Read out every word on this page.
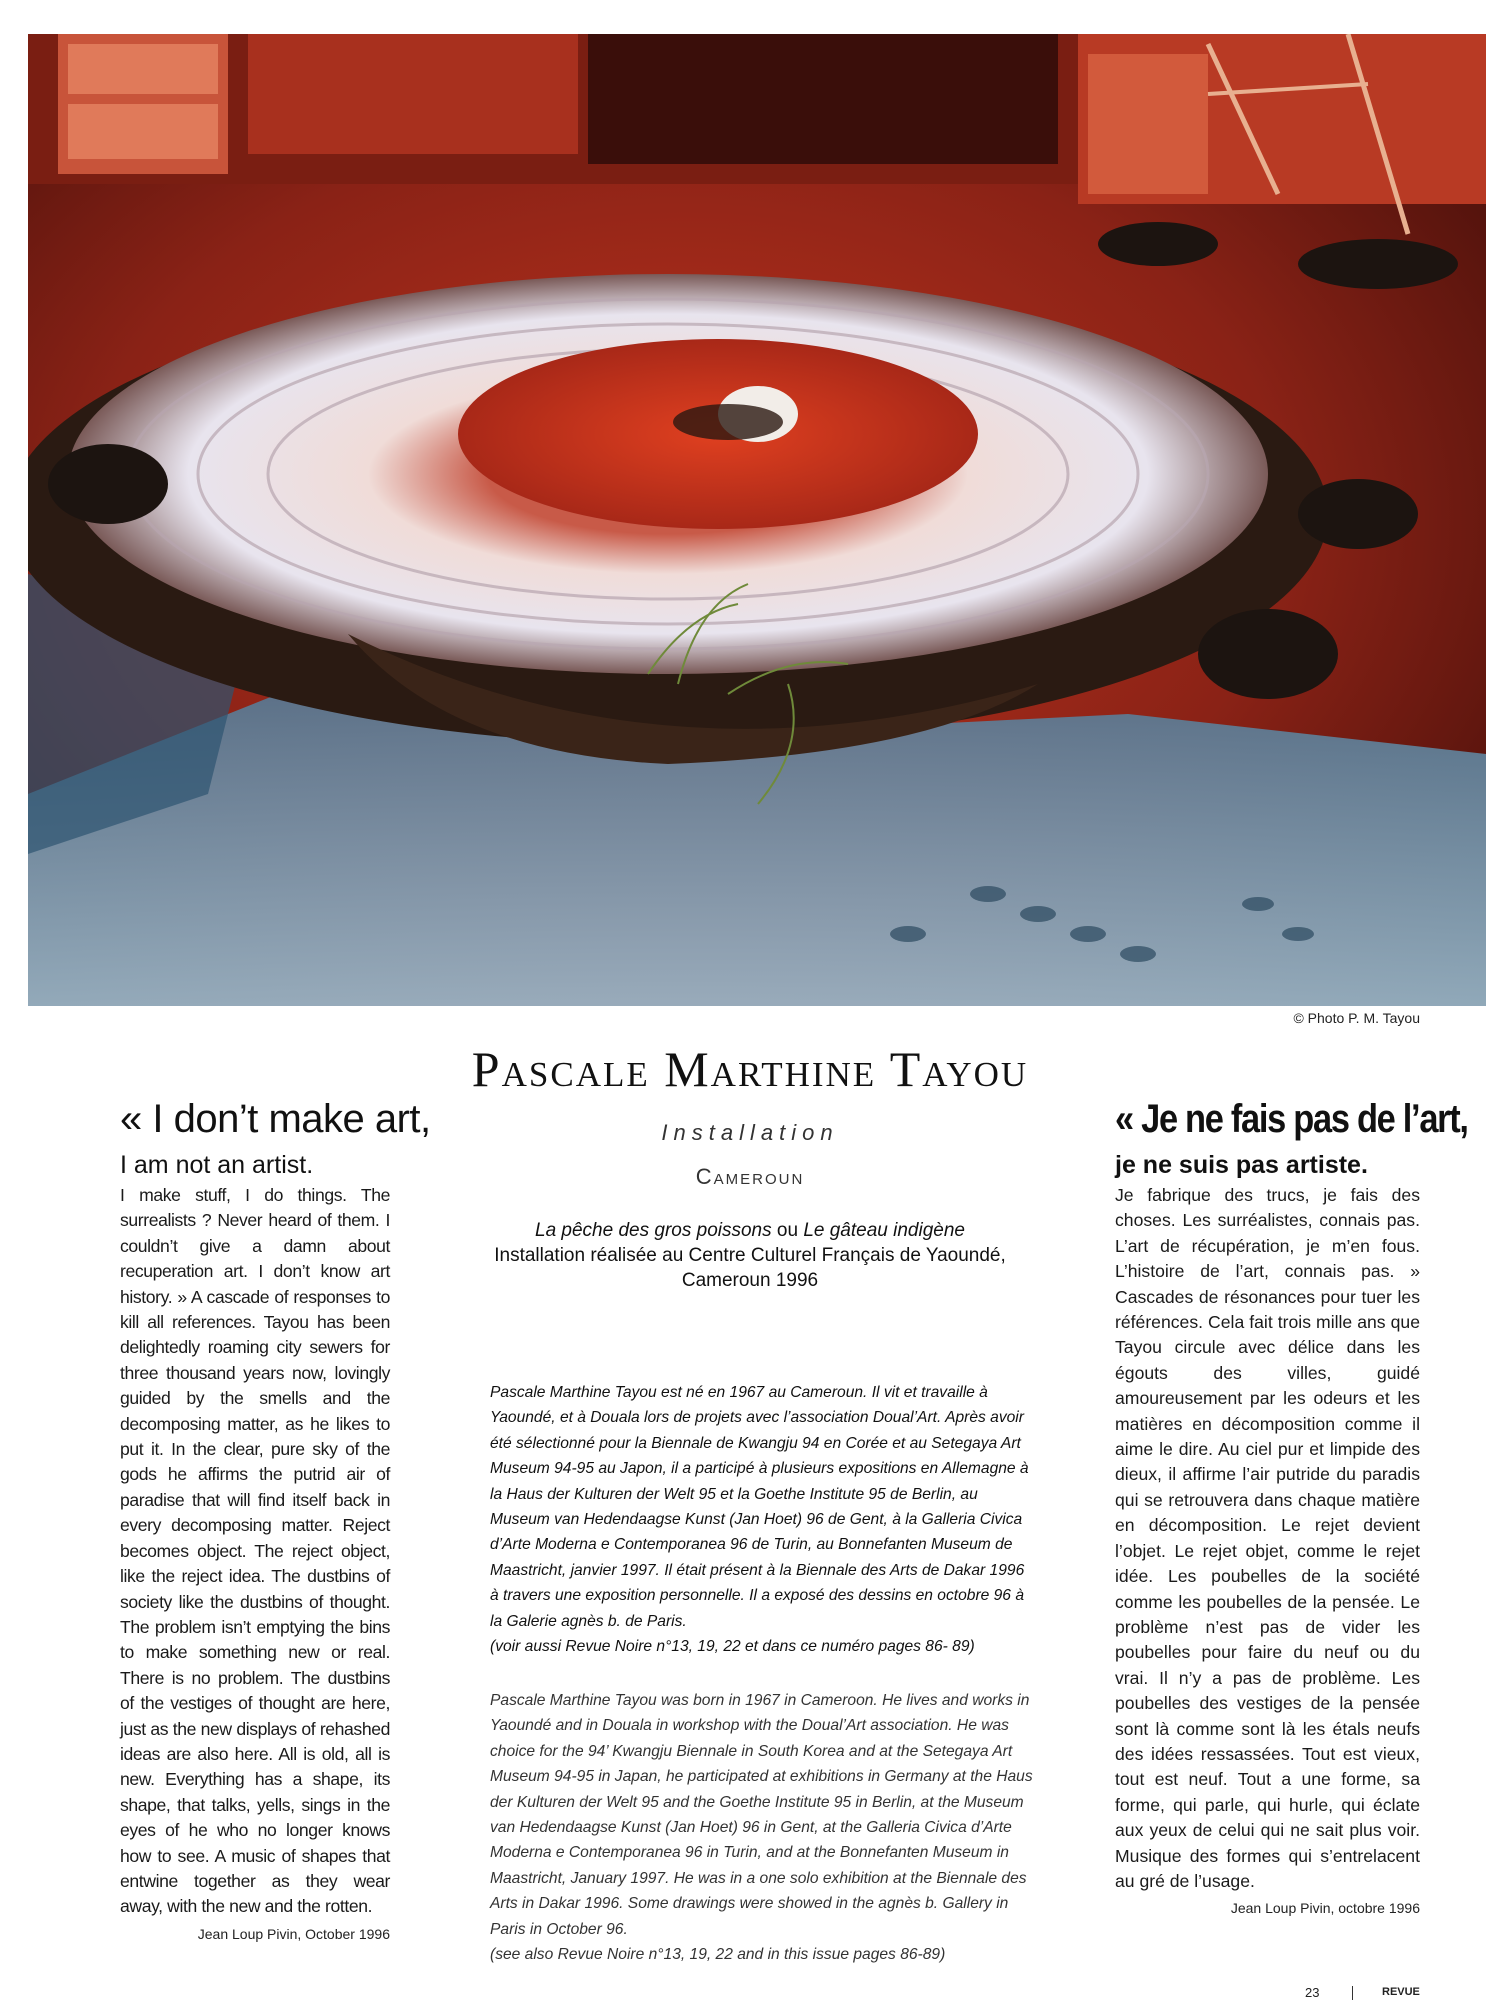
© Photo P. M. Tayou
Pascale Marthine Tayou
« I don’t make art,
I am not an artist.

I make stuff, I do things. The surrealists ? Never heard of them. I couldn’t give a damn about recuperation art. I don’t know art history. » A cascade of responses to kill all references. Tayou has been delightedly roaming city sewers for three thousand years now, lovingly guided by the smells and the decomposing matter, as he likes to put it. In the clear, pure sky of the gods he affirms the putrid air of paradise that will find itself back in every decomposing matter. Reject becomes object. The reject object, like the reject idea. The dustbins of society like the dustbins of thought. The problem isn’t emptying the bins to make something new or real. There is no problem. The dustbins of the vestiges of thought are here, just as the new displays of rehashed ideas are also here. All is old, all is new. Everything has a shape, its shape, that talks, yells, sings in the eyes of he who no longer knows how to see. A music of shapes that entwine together as they wear away, with the new and the rotten.

Jean Loup Pivin, October 1996
Installation
Cameroun
La pêche des gros poissons ou Le gâteau indigène
Installation réalisée au Centre Culturel Français de Yaoundé, Cameroun 1996

Pascale Marthine Tayou est né en 1967 au Cameroun. Il vit et travaille à Yaoundé, et à Douala lors de projets avec l’association Doual’Art. Après avoir été sélectionné pour la Biennale de Kwangju 94 en Corée et au Setegaya Art Museum 94-95 au Japon, il a participé à plusieurs expositions en Allemagne à la Haus der Kulturen der Welt 95 et la Goethe Institute 95 de Berlin, au Museum van Hedendaagse Kunst (Jan Hoet) 96 de Gent, à la Galleria Civica d’Arte Moderna e Contemporanea 96 de Turin, au Bonnefanten Museum de Maastricht, janvier 1997. Il était présent à la Biennale des Arts de Dakar 1996 à travers une exposition personnelle. Il a exposé des dessins en octobre 96 à la Galerie agnès b. de Paris.
(voir aussi Revue Noire n°13, 19, 22 et dans ce numéro pages 86- 89)

Pascale Marthine Tayou was born in 1967 in Cameroon. He lives and works in Yaoundé and in Douala in workshop with the Doual’Art association. He was choice for the 94’ Kwangju Biennale in South Korea and at the Setegaya Art Museum 94-95 in Japan, he participated at exhibitions in Germany at the Haus der Kulturen der Welt 95 and the Goethe Institute 95 in Berlin, at the Museum van Hedendaagse Kunst (Jan Hoet) 96 in Gent, at the Galleria Civica d’Arte Moderna e Contemporanea 96 in Turin, and at the Bonnefanten Museum in Maastricht, January 1997. He was in a one solo exhibition at the Biennale des Arts in Dakar 1996. Some drawings were showed in the agnès b. Gallery in Paris in October 96.
(see also Revue Noire n°13, 19, 22 and in this issue pages 86-89)

« Je ne fais pas de l’art,
je ne suis pas artiste.

Je fabrique des trucs, je fais des choses. Les surréalistes, connais pas. L’art de récupération, je m’en fous. L’histoire de l’art, connais pas. » Cascades de résonances pour tuer les références. Cela fait trois mille ans que Tayou circule avec délice dans les égouts des villes, guidé amoureusement par les odeurs et les matières en décomposition comme il aime le dire. Au ciel pur et limpide des dieux, il affirme l’air putride du paradis qui se retrouvera dans chaque matière en décomposition. Le rejet devient l’objet. Le rejet objet, comme le rejet idée. Les poubelles de la société comme les poubelles de la pensée. Le problème n’est pas de vider les poubelles pour faire du neuf ou du vrai. Il n’y a pas de problème. Les poubelles des vestiges de la pensée sont là comme sont là les étals neufs des idées ressassées. Tout est vieux, tout est neuf. Tout a une forme, sa forme, qui parle, qui hurle, qui éclate aux yeux de celui qui ne sait plus voir. Musique des formes qui s’entrelacent au gré de l’usage.

Jean Loup Pivin, octobre 1996
23	REVUE
